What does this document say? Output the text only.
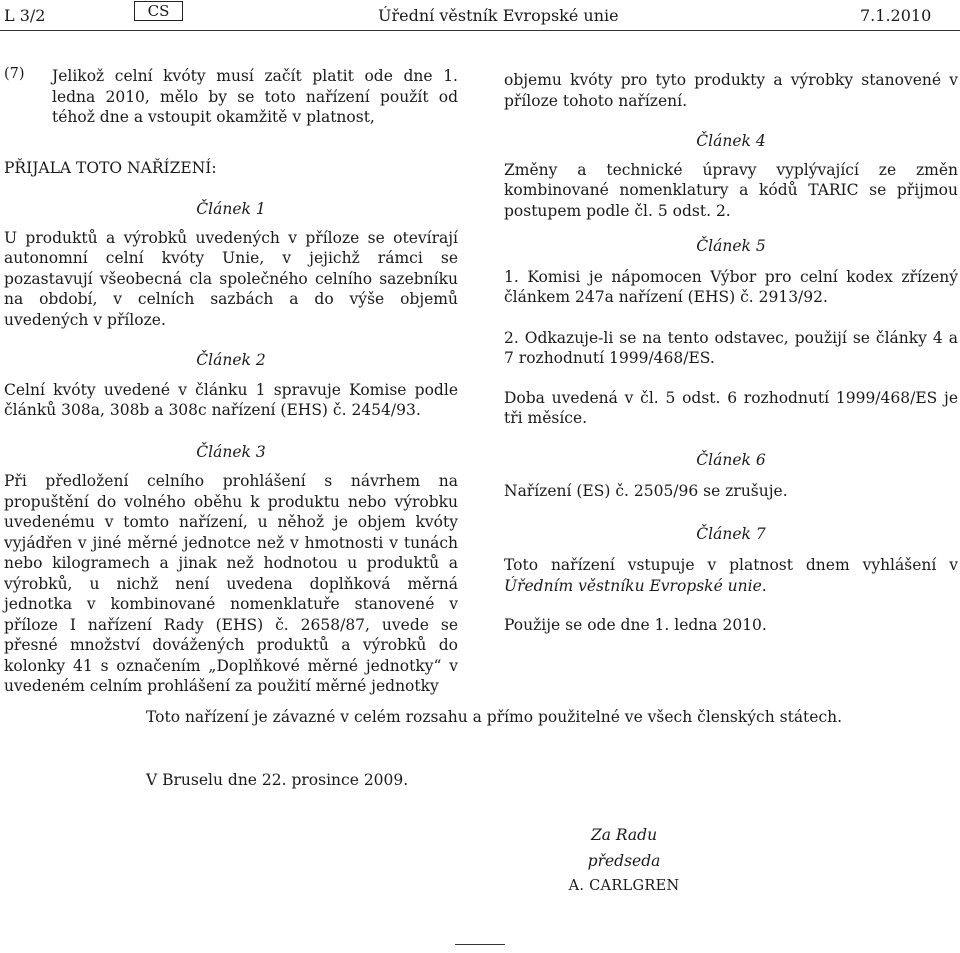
L 3/2	CS	Úřední věstník Evropské unie	7.1.2010
(7)	Jelikož celní kvóty musí začít platit ode dne 1. ledna 2010, mělo by se toto nařízení použít od téhož dne a vstoupit okamžitě v platnost,

PŘIJALA TOTO NAŘÍZENÍ:

Článek 1

U produktů a výrobků uvedených v příloze se otevírají autonomní celní kvóty Unie, v jejichž rámci se pozastavují všeobecná cla společného celního sazebníku na období, v celních sazbách a do výše objemů uvedených v příloze.

Článek 2

Celní kvóty uvedené v článku 1 spravuje Komise podle článků 308a, 308b a 308c nařízení (EHS) č. 2454/93.

Článek 3

Při předložení celního prohlášení s návrhem na propuštění do volného oběhu k produktu nebo výrobku uvedenému v tomto nařízení, u něhož je objem kvóty vyjádřen v jiné měrné jednotce než v hmotnosti v tunách nebo kilogramech a jinak než hodnotou u produktů a výrobků, u nichž není uvedena doplňková měrná jednotka v kombinované nomenklatuře stanovené v příloze I nařízení Rady (EHS) č. 2658/87, uvede se přesné množství dovážených produktů a výrobků do kolonky 41 s označením „Doplňkové měrné jednotky“ v uvedeném celním prohlášení za použití měrné jednotky

objemu kvóty pro tyto produkty a výrobky stanovené v příloze tohoto nařízení.

Článek 4

Změny a technické úpravy vyplývající ze změn kombinované nomenklatury a kódů TARIC se přijmou postupem podle čl. 5 odst. 2.

Článek 5

1. Komisi je nápomocen Výbor pro celní kodex zřízený článkem 247a nařízení (EHS) č. 2913/92.

2. Odkazuje-li se na tento odstavec, použijí se články 4 a 7 rozhodnutí 1999/468/ES.

Doba uvedená v čl. 5 odst. 6 rozhodnutí 1999/468/ES je tři měsíce.

Článek 6

Nařízení (ES) č. 2505/96 se zrušuje.

Článek 7

Toto nařízení vstupuje v platnost dnem vyhlášení v Úředním věstníku Evropské unie.

Použije se ode dne 1. ledna 2010.

Toto nařízení je závazné v celém rozsahu a přímo použitelné ve všech členských státech.
V Bruselu dne 22. prosince 2009.
Za Radu
předseda
A. CARLGREN
